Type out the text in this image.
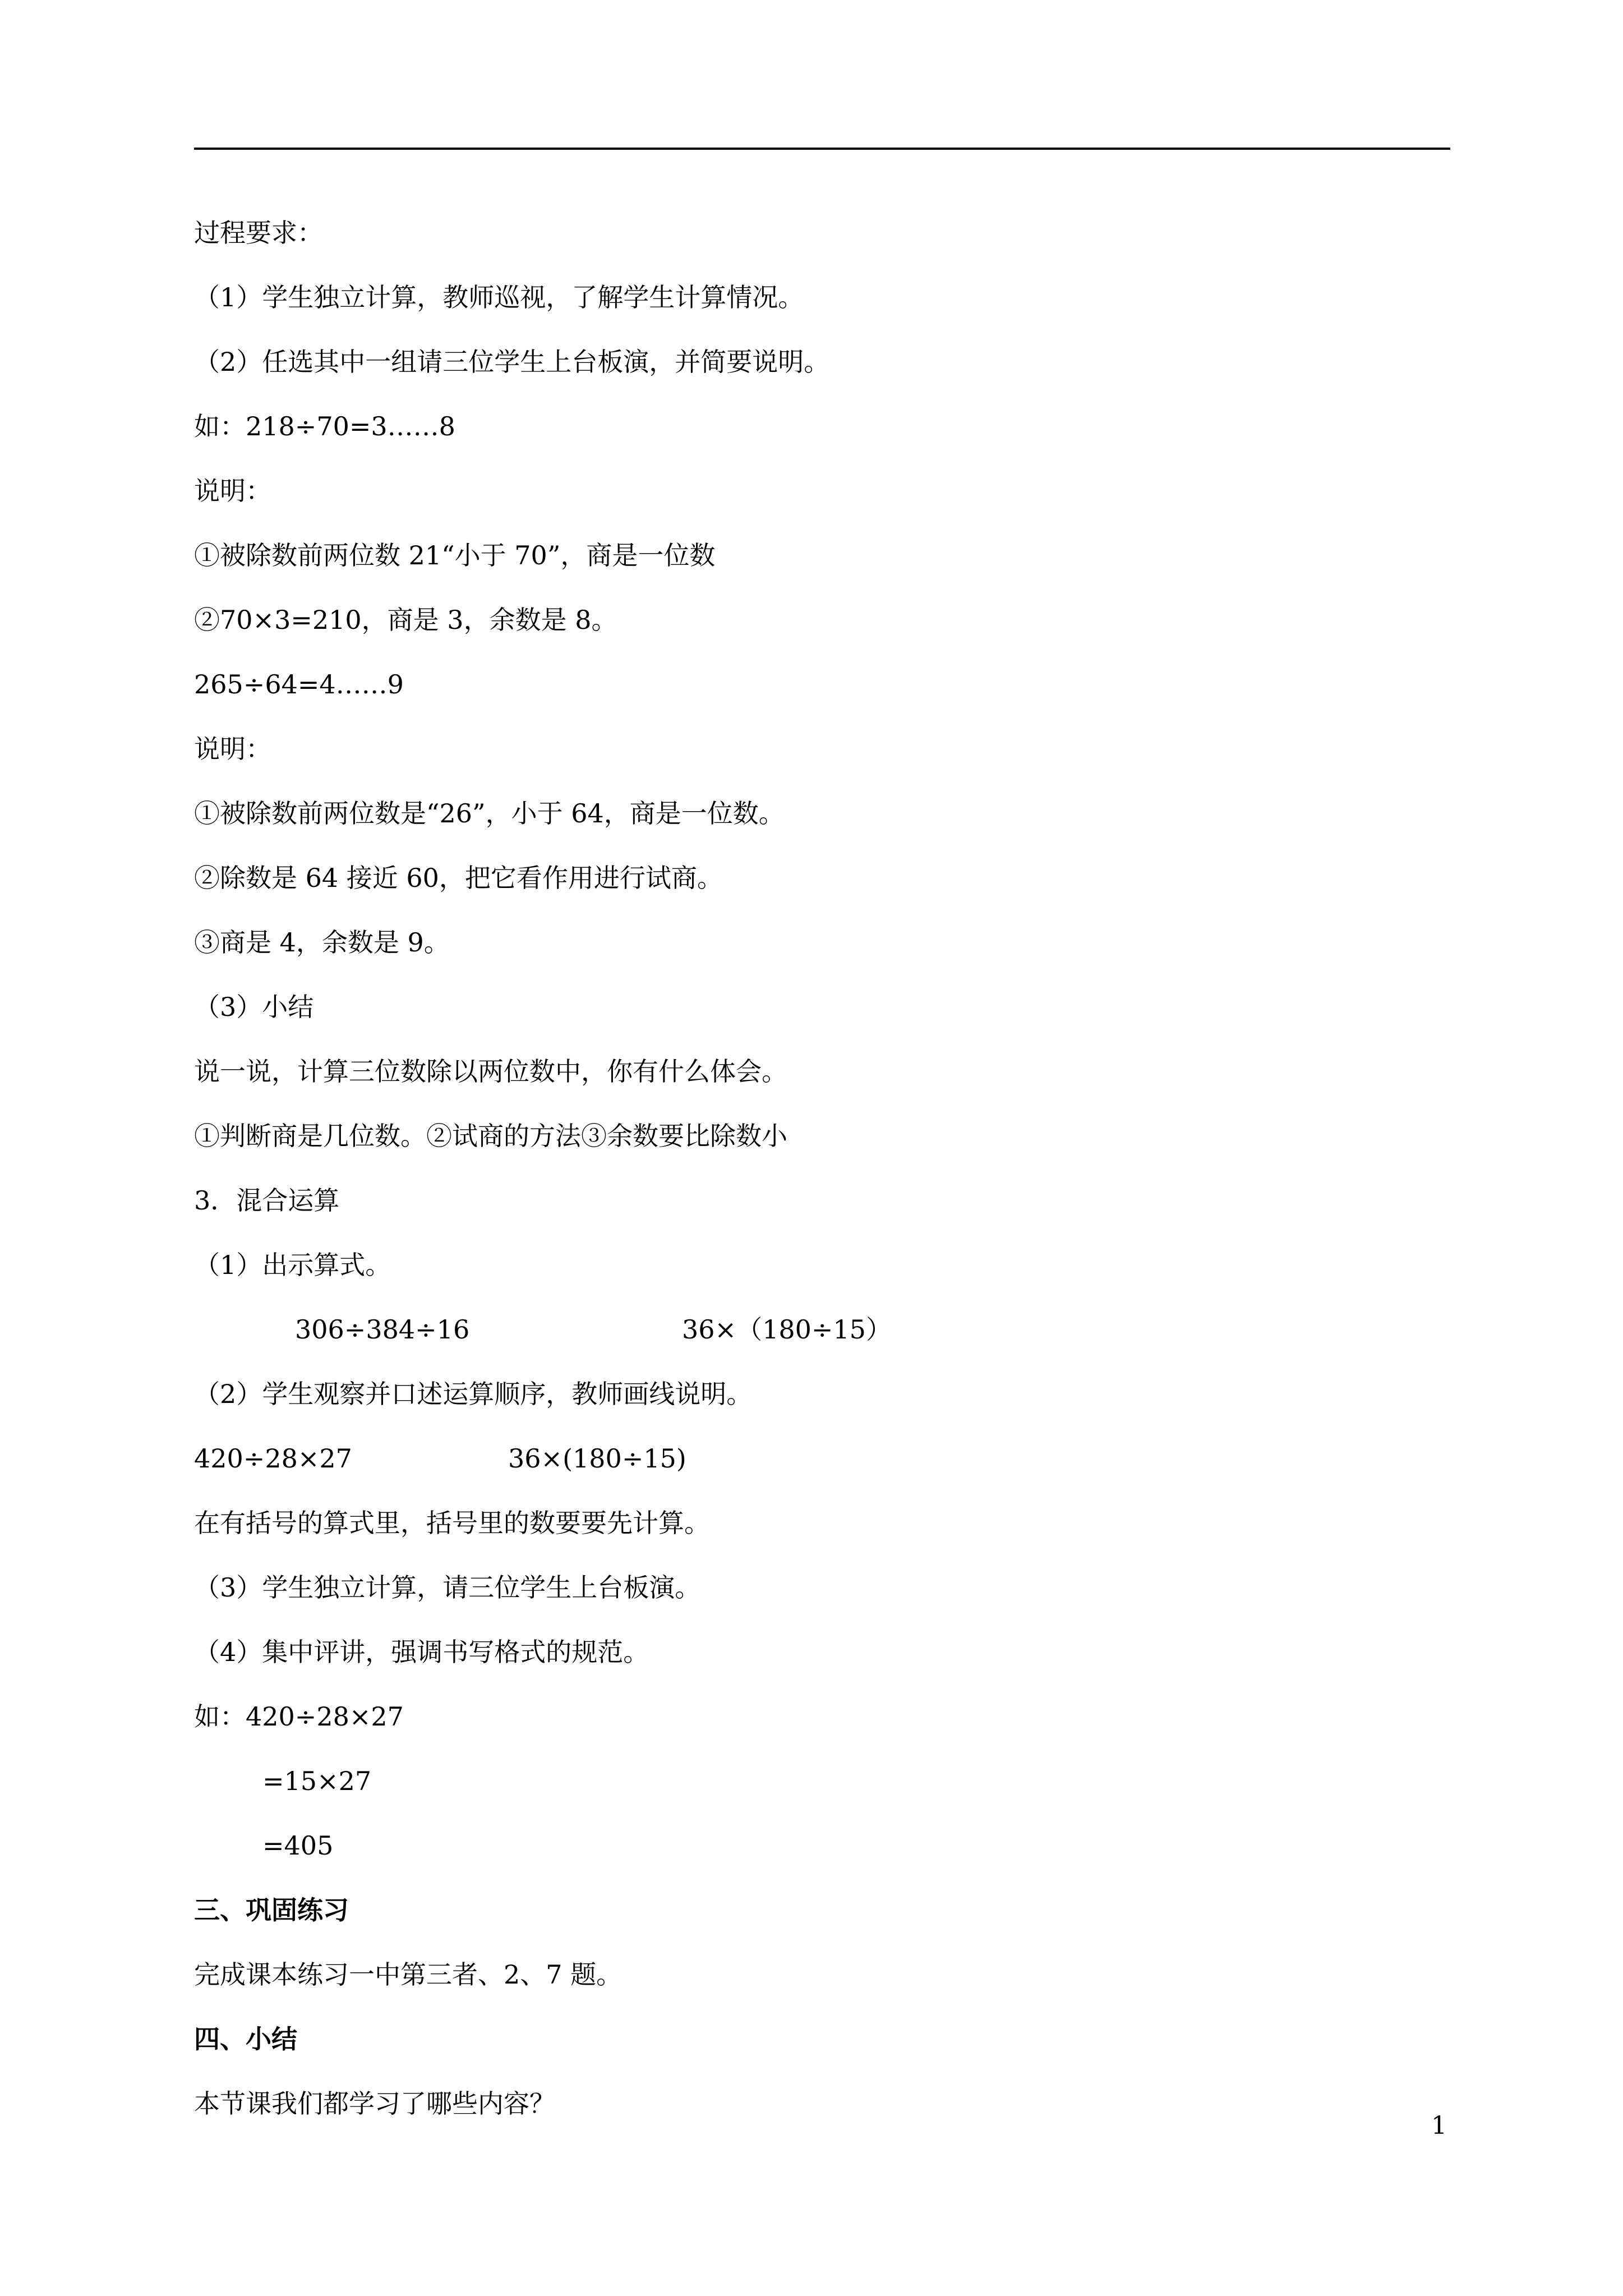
过程要求：
（1）学生独立计算，教师巡视，了解学生计算情况。
（2）任选其中一组请三位学生上台板演，并简要说明。
如：218÷70=3……8
说明：
①被除数前两位数 21“小于 70”，商是一位数
②70×3=210，商是 3，余数是 8。
265÷64=4……9
说明：
①被除数前两位数是“26”，小于 64，商是一位数。
②除数是 64 接近 60，把它看作用进行试商。
③商是 4，余数是 9。
（3）小结
说一说，计算三位数除以两位数中，你有什么体会。
①判断商是几位数。②试商的方法③余数要比除数小
3．混合运算
（1）出示算式。
306÷384÷16	36×（180÷15）
（2）学生观察并口述运算顺序，教师画线说明。
420÷28×27	36×(180÷15)
在有括号的算式里，括号里的数要要先计算。
（3）学生独立计算，请三位学生上台板演。
（4）集中评讲，强调书写格式的规范。
如：420÷28×27
=15×27
=405
三、巩固练习
完成课本练习一中第三者、2、7 题。
四、小结
本节课我们都学习了哪些内容？
1
